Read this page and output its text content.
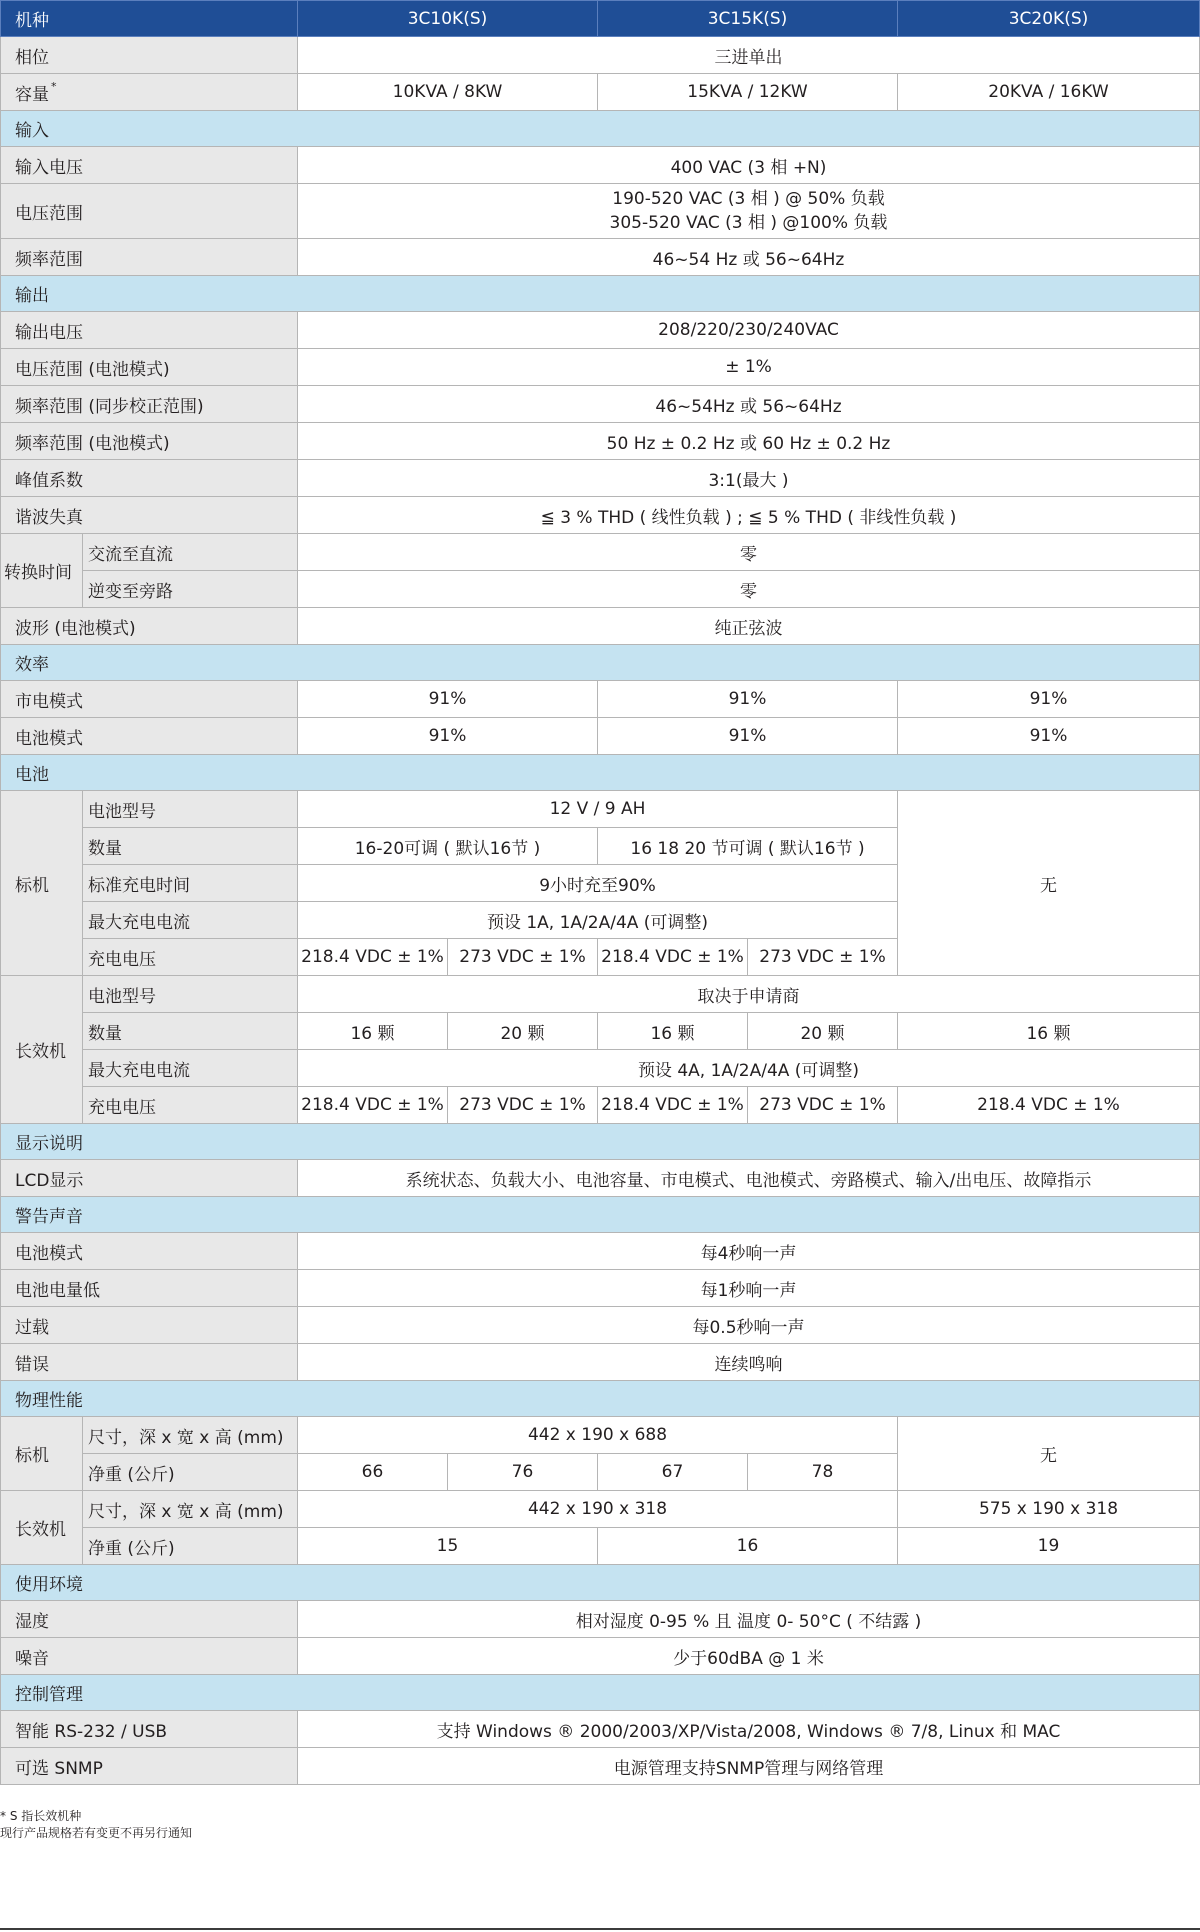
机种		3C10K(S)		3C15K(S)		3C20K(S)
相位		三进单出				
容量 *		10KVA / 8KW		15KVA / 12KW		20KVA / 16KW
输入						
输入电压		400 VAC (3 相 +N)				
电压范围		190-520 VAC (3 相 ) @ 50% 负载
305-520 VAC (3 相 ) @100% 负载				

频率范围		46~54 Hz 或 56~64Hz				
输出						
输出电压		208/220/230/240VAC				
电压范围 (电池模式)		± 1%				
频率范围 (同步校正范围)		46~54Hz 或 56~64Hz				
频率范围 (电池模式)		50 Hz ± 0.2 Hz 或 60 Hz ± 0.2 Hz				
峰值系数		3:1(最大 )				
谐波失真		≦ 3 % THD ( 线性负载 ) ; ≦ 5 % THD ( 非线性负载 )				
转换时间	交流至直流	零				
	逆变至旁路	零				
波形 (电池模式)		纯正弦波				
效率						
市电模式		91%		91%		91%
电池模式		91%		91%		91%
电池						
标机	电池型号	12 V / 9 AH				无
	数量	16-20可调 ( 默认16节 )		16 18 20 节可调 ( 默认16节 )		
	标准充电时间	9小时充至90%				
	最大充电电流	预设 1A, 1A/2A/4A (可调整)				
	充电电压	218.4 VDC ± 1%	273 VDC ± 1%	218.4 VDC ± 1%	273 VDC ± 1%	
长效机	电池型号	取决于申请商				
	数量	16 颗	20 颗	16 颗	20 颗	16 颗
	最大充电电流	预设 4A, 1A/2A/4A (可调整)				
	充电电压	218.4 VDC ± 1%	273 VDC ± 1%	218.4 VDC ± 1%	273 VDC ± 1%	218.4 VDC ± 1%
显示说明						
LCD显示		系统状态、负载大小、电池容量、市电模式、电池模式、旁路模式、输入/出电压、故障指示				
警告声音						
电池模式		每4秒响一声				
电池电量低		每1秒响一声				
过载		每0.5秒响一声				
错误		连续鸣响				
物理性能						
标机	尺寸，深 x 宽 x 高 (mm)	442 x 190 x 688				无
	净重 (公斤)	66	76	67	78	
长效机	尺寸，深 x 宽 x 高 (mm)	442 x 190 x 318				575 x 190 x 318
	净重 (公斤)	15		16		19
使用环境						
湿度		相对湿度 0-95 % 且 温度 0- 50°C ( 不结露 )				
噪音		少于60dBA @ 1 米				
控制管理						
智能 RS-232 / USB		支持 Windows ® 2000/2003/XP/Vista/2008, Windows ® 7/8, Linux 和 MAC				
可选 SNMP		电源管理支持SNMP管理与网络管理				
* S 指长效机种
现行产品规格若有变更不再另行通知
